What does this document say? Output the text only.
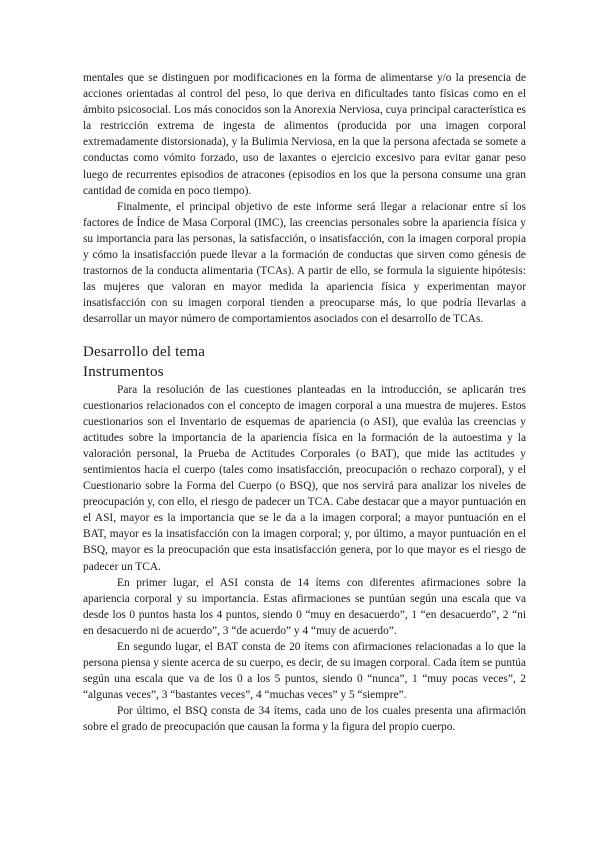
mentales que se distinguen por modificaciones en la forma de alimentarse y/o la presencia de acciones orientadas al control del peso, lo que deriva en dificultades tanto físicas como en el ámbito psicosocial. Los más conocidos son la Anorexia Nerviosa, cuya principal característica es la restricción extrema de ingesta de alimentos (producida por una imagen corporal extremadamente distorsionada), y la Bulimia Nerviosa, en la que la persona afectada se somete a conductas como vómito forzado, uso de laxantes o ejercicio excesivo para evitar ganar peso luego de recurrentes episodios de atracones (episodios en los que la persona consume una gran cantidad de comida en poco tiempo).

Finalmente, el principal objetivo de este informe será llegar a relacionar entre sí los factores de Índice de Masa Corporal (IMC), las creencias personales sobre la apariencia física y su importancia para las personas, la satisfacción, o insatisfacción, con la imagen corporal propia y cómo la insatisfacción puede llevar a la formación de conductas que sirven como génesis de trastornos de la conducta alimentaria (TCAs). A partir de ello, se formula la siguiente hipótesis: las mujeres que valoran en mayor medida la apariencia física y experimentan mayor insatisfacción con su imagen corporal tienden a preocuparse más, lo que podría llevarlas a desarrollar un mayor número de comportamientos asociados con el desarrollo de TCAs.

Desarrollo del tema
Instrumentos

Para la resolución de las cuestiones planteadas en la introducción, se aplicarán tres cuestionarios relacionados con el concepto de imagen corporal a una muestra de mujeres. Estos cuestionarios son el Inventario de esquemas de apariencia (o ASI), que evalúa las creencias y actitudes sobre la importancia de la apariencia física en la formación de la autoestima y la valoración personal, la Prueba de Actitudes Corporales (o BAT), que mide las actitudes y sentimientos hacia el cuerpo (tales como insatisfacción, preocupación o rechazo corporal), y el Cuestionario sobre la Forma del Cuerpo (o BSQ), que nos servirá para analizar los niveles de preocupación y, con ello, el riesgo de padecer un TCA. Cabe destacar que a mayor puntuación en el ASI, mayor es la importancia que se le da a la imagen corporal; a mayor puntuación en el BAT, mayor es la insatisfacción con la imagen corporal; y, por último, a mayor puntuación en el BSQ, mayor es la preocupación que esta insatisfacción genera, por lo que mayor es el riesgo de padecer un TCA.

En primer lugar, el ASI consta de 14 ítems con diferentes afirmaciones sobre la apariencia corporal y su importancia. Estas afirmaciones se puntúan según una escala que va desde los 0 puntos hasta los 4 puntos, siendo 0 “muy en desacuerdo”, 1 “en desacuerdo”, 2 “ni en desacuerdo ni de acuerdo”, 3 “de acuerdo” y 4 “muy de acuerdo”.

En segundo lugar, el BAT consta de 20 ítems con afirmaciones relacionadas a lo que la persona piensa y siente acerca de su cuerpo, es decir, de su imagen corporal. Cada ítem se puntúa según una escala que va de los 0 a los 5 puntos, siendo 0 “nunca”, 1 “muy pocas veces”, 2 “algunas veces”, 3 “bastantes veces”, 4 “muchas veces” y 5 “siempre”.

Por último, el BSQ consta de 34 ítems, cada uno de los cuales presenta una afirmación sobre el grado de preocupación que causan la forma y la figura del propio cuerpo.
